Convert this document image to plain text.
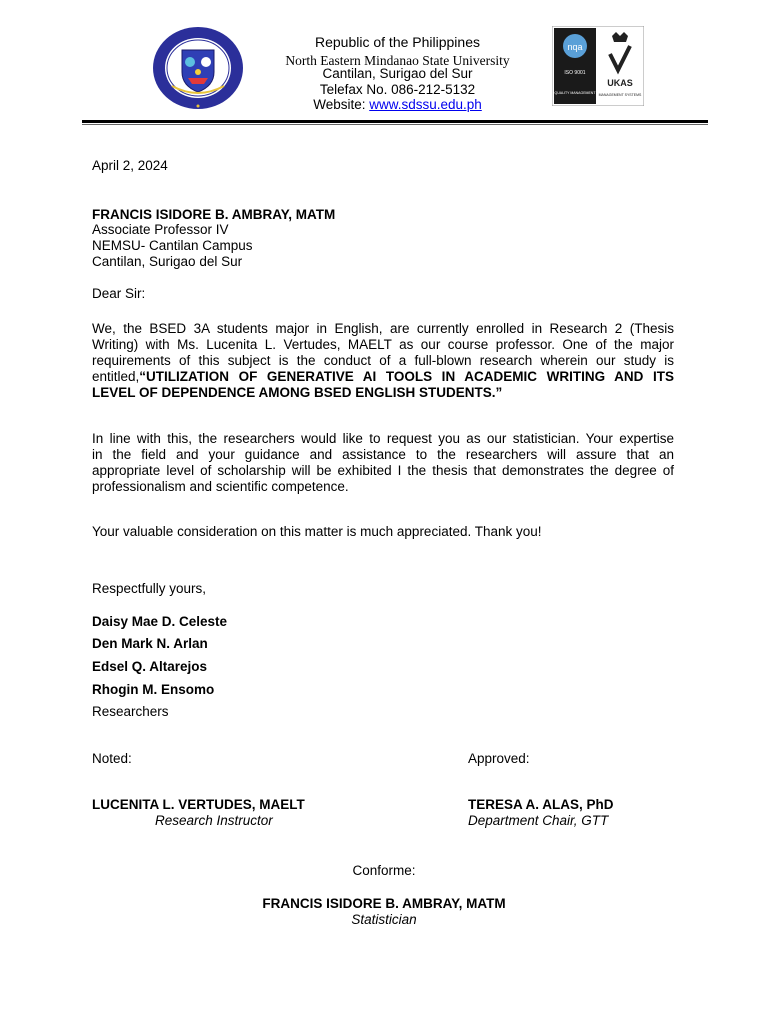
Republic of the Philippines
North Eastern Mindanao State University
Cantilan, Surigao del Sur
Telefax No. 086-212-5132
Website: www.sdssu.edu.ph
nqa
ISO 9001
QUALITY MANAGEMENT
UKAS
MANAGEMENT SYSTEMS
April 2, 2024
FRANCIS ISIDORE B. AMBRAY, MATM
Associate Professor IV
NEMSU- Cantilan Campus
Cantilan, Surigao del Sur
Dear Sir:
We, the BSED 3A students major in English, are currently enrolled in Research 2 (Thesis
Writing) with Ms. Lucenita L. Vertudes, MAELT as our course professor. One of the major
requirements of this subject is the conduct of a full-blown research wherein our study is
entitled, “UTILIZATION OF GENERATIVE AI TOOLS IN ACADEMIC WRITING AND ITS
LEVEL OF DEPENDENCE AMONG BSED ENGLISH STUDENTS.”
In line with this, the researchers would like to request you as our statistician. Your expertise
in the field and your guidance and assistance to the researchers will assure that an
appropriate level of scholarship will be exhibited I the thesis that demonstrates the degree of
professionalism and scientific competence.
Your valuable consideration on this matter is much appreciated. Thank you!
Respectfully yours,
Daisy Mae D. Celeste
Den Mark N. Arlan
Edsel Q. Altarejos
Rhogin M. Ensomo
Researchers
Noted:
LUCENITA L. VERTUDES, MAELT
Research Instructor
Approved:
TERESA A. ALAS, PhD
Department Chair, GTT
Conforme:
FRANCIS ISIDORE B. AMBRAY, MATM
Statistician
